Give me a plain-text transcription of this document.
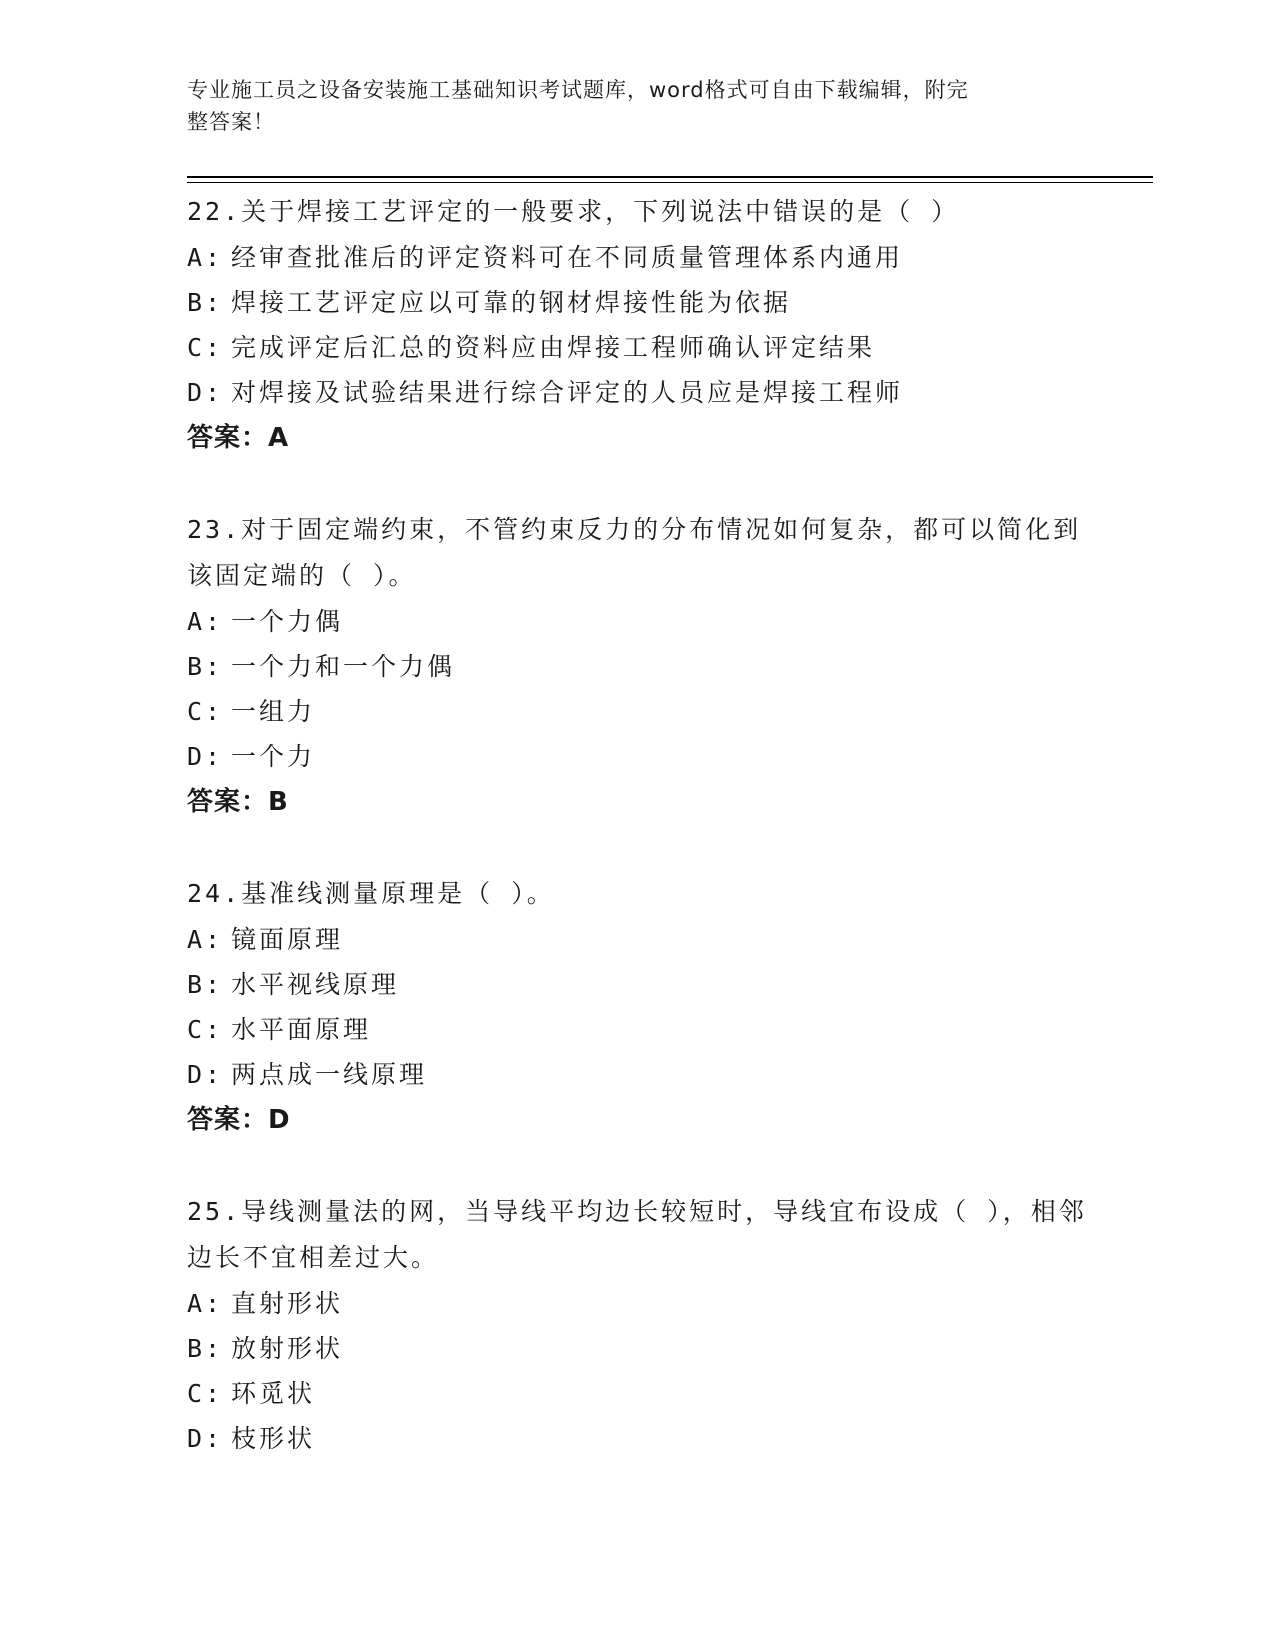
专业施工员之设备安装施工基础知识考试题库，word格式可自由下载编辑，附完
整答案！
22.关于焊接工艺评定的一般要求，下列说法中错误的是（ ）
A: 经审查批准后的评定资料可在不同质量管理体系内通用
B: 焊接工艺评定应以可靠的钢材焊接性能为依据
C: 完成评定后汇总的资料应由焊接工程师确认评定结果
D: 对焊接及试验结果进行综合评定的人员应是焊接工程师
答案：A
23.对于固定端约束，不管约束反力的分布情况如何复杂，都可以简化到该固定端的（ ）。
A: 一个力偶
B: 一个力和一个力偶
C: 一组力
D: 一个力
答案：B
24.基准线测量原理是（ ）。
A: 镜面原理
B: 水平视线原理
C: 水平面原理
D: 两点成一线原理
答案：D
25.导线测量法的网，当导线平均边长较短时，导线宜布设成（ ），相邻边长不宜相差过大。
A: 直射形状
B: 放射形状
C: 环觅状
D: 枝形状
